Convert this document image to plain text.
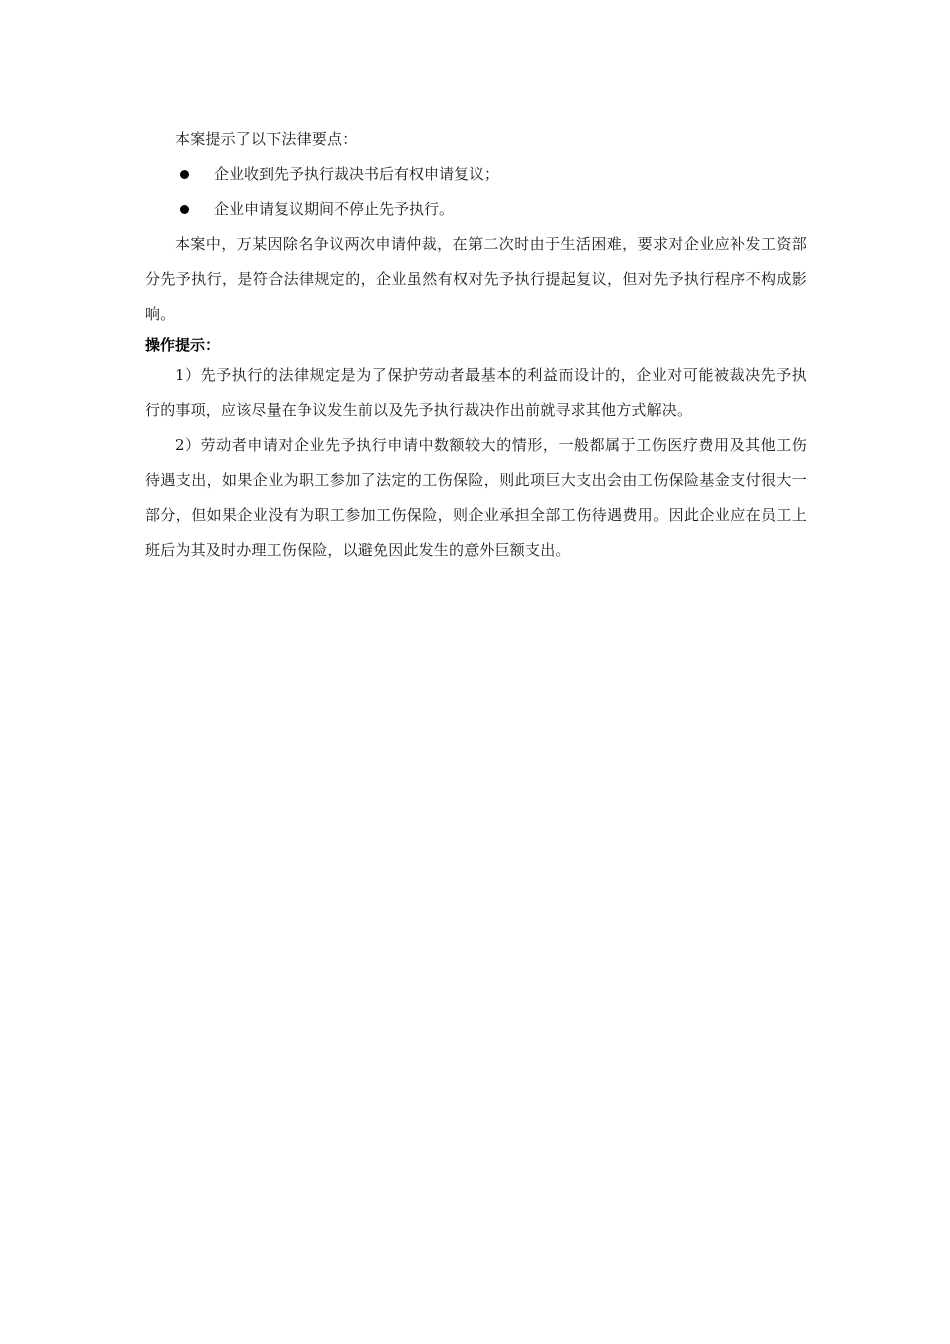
本案提示了以下法律要点：

企业收到先予执行裁决书后有权申请复议；
企业申请复议期间不停止先予执行。

本案中，万某因除名争议两次申请仲裁，在第二次时由于生活困难，要求对企业应补发工资部分先予执行，是符合法律规定的，企业虽然有权对先予执行提起复议，但对先予执行程序不构成影响。

操作提示：

1）先予执行的法律规定是为了保护劳动者最基本的利益而设计的，企业对可能被裁决先予执行的事项，应该尽量在争议发生前以及先予执行裁决作出前就寻求其他方式解决。

2）劳动者申请对企业先予执行申请中数额较大的情形，一般都属于工伤医疗费用及其他工伤待遇支出，如果企业为职工参加了法定的工伤保险，则此项巨大支出会由工伤保险基金支付很大一部分，但如果企业没有为职工参加工伤保险，则企业承担全部工伤待遇费用。因此企业应在员工上班后为其及时办理工伤保险，以避免因此发生的意外巨额支出。
